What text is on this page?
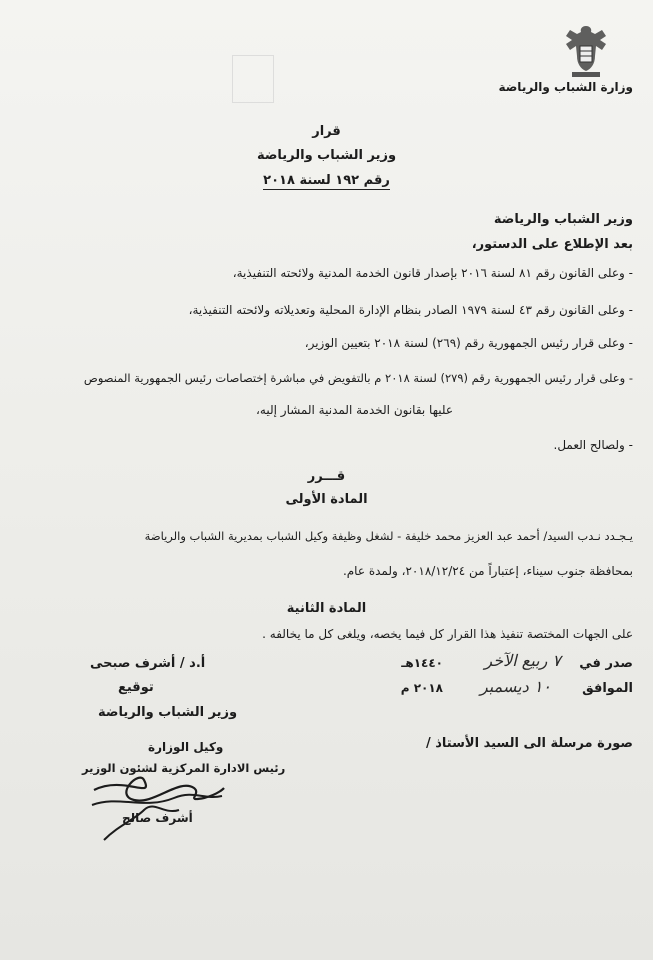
وزارة الشباب والرياضة
قرار
وزير الشباب والرياضة
رقم ١٩٢ لسنة ٢٠١٨
وزير الشباب والرياضة
بعد الإطلاع على الدستور،
- وعلى القانون رقم ٨١ لسنة ٢٠١٦ بإصدار قانون الخدمة المدنية ولائحته التنفيذية،
- وعلى القانون رقم ٤٣ لسنة ١٩٧٩ الصادر بنظام الإدارة المحلية وتعديلاته ولائحته التنفيذية،
- وعلى قرار رئيس الجمهورية رقم (٢٦٩) لسنة ٢٠١٨ بتعيين الوزير،
- وعلى قرار رئيس الجمهورية رقم (٢٧٩) لسنة ٢٠١٨ م بالتفويض في مباشرة إختصاصات رئيس الجمهورية المنصوص
عليها بقانون الخدمة المدنية المشار إليه،
- ولصالح العمل.
قـــرر
المادة الأولى
يـجـدد نـدب السيد/ أحمد عبد العزيز محمد خليفة - لشغل وظيفة وكيل الشباب بمديرية الشباب والرياضة
بمحافظة جنوب سيناء، إعتباراً من ٢٠١٨/١٢/٢٤، ولمدة عام.
المادة الثانية
على الجهات المختصة تنفيذ هذا القرار كل فيما يخصه، ويلغى كل ما يخالفه .
صدر في
٧ ربيع الآخر
١٤٤٠هـ
الموافق
١٠ ديسمبر
٢٠١٨ م
أ.د / أشرف صبحى
توقيع
وزير الشباب والرياضة
صورة مرسلة الى السيد الأستاذ /
وكيل الوزارة
رئيس الادارة المركزية لشئون الوزير
أشرف صالح
